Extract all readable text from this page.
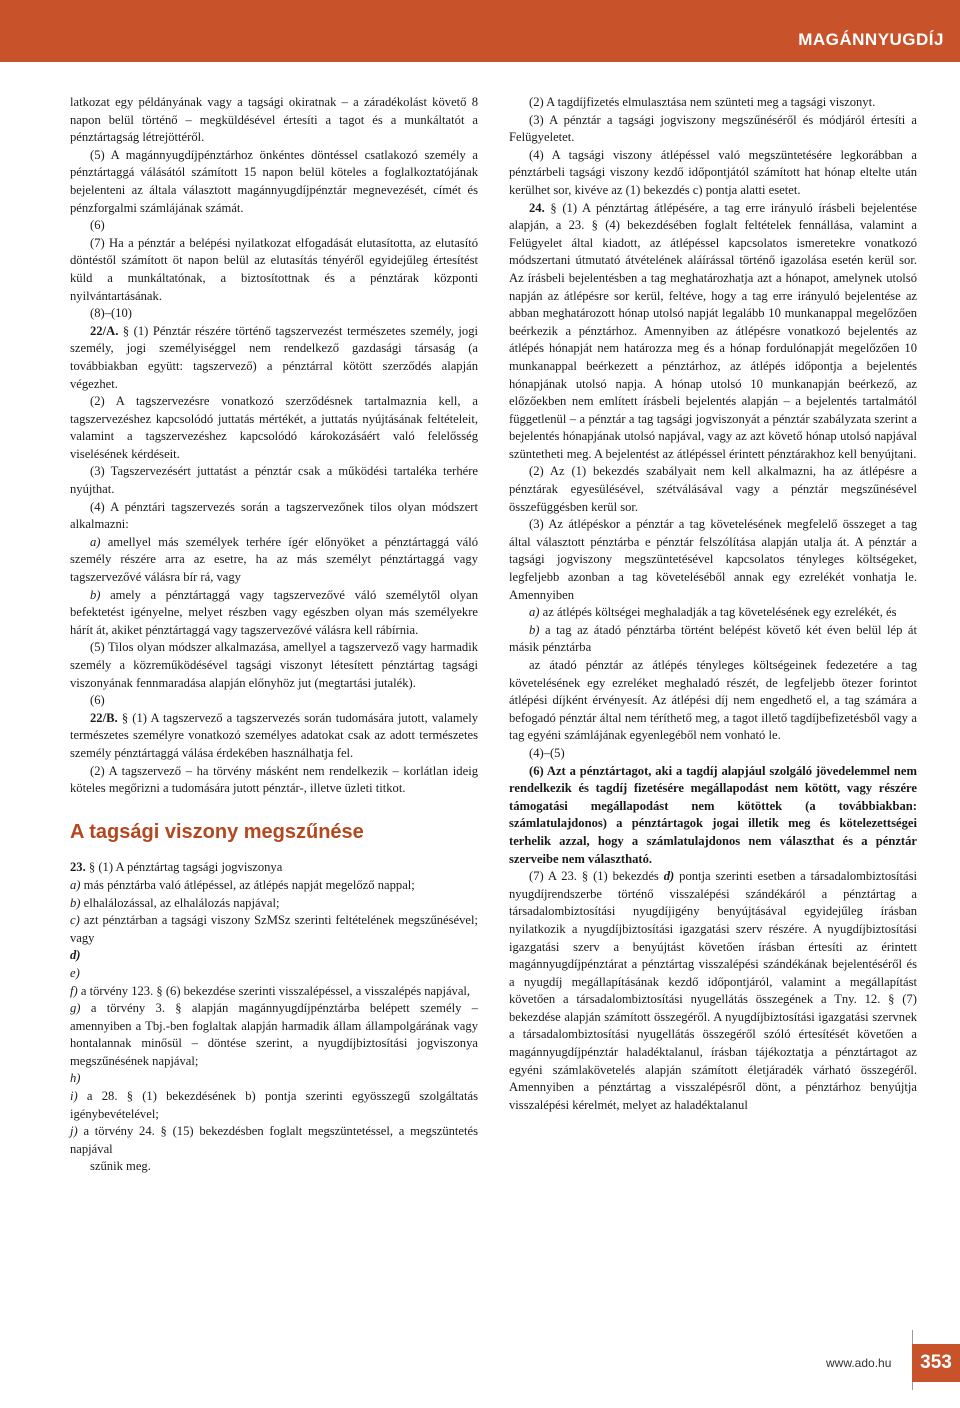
MAGÁNNYUGDÍJ

latkozat egy példányának vagy a tagsági okiratnak – a záradékolást követő 8 napon belül történő – megküldésével értesíti a tagot és a munkáltatót a pénztártagság létrejöttéről.

(5) A magánnyugdíjpénztárhoz önkéntes döntéssel csatlakozó személy a pénztártaggá válásától számított 15 napon belül köteles a foglalkoztatójának bejelenteni az általa választott magánnyugdíjpénztár megnevezését, címét és pénzforgalmi számlájának számát.

(6)

(7) Ha a pénztár a belépési nyilatkozat elfogadását elutasította, az elutasító döntéstől számított öt napon belül az elutasítás tényéről egyidejűleg értesítést küld a munkáltatónak, a biztosítottnak és a pénztárak központi nyilvántartásának.

(8)–(10)

22/A. § (1) Pénztár részére történő tagszervezést természetes személy, jogi személy, jogi személyiséggel nem rendelkező gazdasági társaság (a továbbiakban együtt: tagszervező) a pénztárral kötött szerződés alapján végezhet.

(2) A tagszervezésre vonatkozó szerződésnek tartalmaznia kell, a tagszervezéshez kapcsolódó juttatás mértékét, a juttatás nyújtásának feltételeit, valamint a tagszervezéshez kapcsolódó károkozásáért való felelősség viselésének kérdéseit.

(3) Tagszervezésért juttatást a pénztár csak a működési tartaléka terhére nyújthat.

(4) A pénztári tagszervezés során a tagszervezőnek tilos olyan módszert alkalmazni:

a) amellyel más személyek terhére ígér előnyöket a pénztártaggá váló személy részére arra az esetre, ha az más személyt pénztártaggá vagy tagszervezővé válásra bír rá, vagy

b) amely a pénztártaggá vagy tagszervezővé váló személytől olyan befektetést igényelne, melyet részben vagy egészben olyan más személyekre hárít át, akiket pénztártaggá vagy tagszervezővé válásra kell rábírnia.

(5) Tilos olyan módszer alkalmazása, amellyel a tagszervező vagy harmadik személy a közreműködésével tagsági viszonyt létesített pénztártag tagsági viszonyának fennmaradása alapján előnyhöz jut (megtartási jutalék).

(6)

22/B. § (1) A tagszervező a tagszervezés során tudomására jutott, valamely természetes személyre vonatkozó személyes adatokat csak az adott természetes személy pénztártaggá válása érdekében használhatja fel.

(2) A tagszervező – ha törvény másként nem rendelkezik – korlátlan ideig köteles megőrizni a tudomására jutott pénztár-, illetve üzleti titkot.

A tagsági viszony megszűnése

23. § (1) A pénztártag tagsági jogviszonya

a) más pénztárba való átlépéssel, az átlépés napját megelőző nappal;

b) elhalálozással, az elhalálozás napjával;

c) azt pénztárban a tagsági viszony SzMSz szerinti feltételének megszűnésével; vagy

d)

e)

f) a törvény 123. § (6) bekezdése szerinti visszalépéssel, a visszalépés napjával,

g) a törvény 3. § alapján magánnyugdíjpénztárba belépett személy – amennyiben a Tbj.-ben foglaltak alapján harmadik állam állampolgárának vagy hontalannak minősül – döntése szerint, a nyugdíjbiztosítási jogviszonya megszűnésének napjával;

h)

i) a 28. § (1) bekezdésének b) pontja szerinti egyösszegű szolgáltatás igénybevételével;

j) a törvény 24. § (15) bekezdésben foglalt megszüntetéssel, a megszüntetés napjával

szűnik meg.

(2) A tagdíjfizetés elmulasztása nem szünteti meg a tagsági viszonyt.

(3) A pénztár a tagsági jogviszony megszűnéséről és módjáról értesíti a Felügyeletet.

(4) A tagsági viszony átlépéssel való megszüntetésére legkorábban a pénztárbeli tagsági viszony kezdő időpontjától számított hat hónap eltelte után kerülhet sor, kivéve az (1) bekezdés c) pontja alatti esetet.

24. § (1) A pénztártag átlépésére, a tag erre irányuló írásbeli bejelentése alapján, a 23. § (4) bekezdésében foglalt feltételek fennállása, valamint a Felügyelet által kiadott, az átlépéssel kapcsolatos ismeretekre vonatkozó módszertani útmutató átvételének aláírással történő igazolása esetén kerül sor. Az írásbeli bejelentésben a tag meghatározhatja azt a hónapot, amelynek utolsó napján az átlépésre sor kerül, feltéve, hogy a tag erre irányuló bejelentése az abban meghatározott hónap utolsó napját legalább 10 munkanappal megelőzően beérkezik a pénztárhoz. Amennyiben az átlépésre vonatkozó bejelentés az átlépés hónapját nem határozza meg és a hónap fordulónapját megelőzően 10 munkanappal beérkezett a pénztárhoz, az átlépés időpontja a bejelentés hónapjának utolsó napja. A hónap utolsó 10 munkanapján beérkező, az előzőekben nem említett írásbeli bejelentés alapján – a bejelentés tartalmától függetlenül – a pénztár a tag tagsági jogviszonyát a pénztár szabályzata szerint a bejelentés hónapjának utolsó napjával, vagy az azt követő hónap utolsó napjával szüntetheti meg. A bejelentést az átlépéssel érintett pénztárakhoz kell benyújtani.

(2) Az (1) bekezdés szabályait nem kell alkalmazni, ha az átlépésre a pénztárak egyesülésével, szétválásával vagy a pénztár megszűnésével összefüggésben kerül sor.

(3) Az átlépéskor a pénztár a tag követelésének megfelelő összeget a tag által választott pénztárba e pénztár felszólítása alapján utalja át. A pénztár a tagsági jogviszony megszüntetésével kapcsolatos tényleges költségeket, legfeljebb azonban a tag követeléséből annak egy ezrelékét vonhatja le. Amennyiben

a) az átlépés költségei meghaladják a tag követelésének egy ezrelékét, és

b) a tag az átadó pénztárba történt belépést követő két éven belül lép át másik pénztárba

az átadó pénztár az átlépés tényleges költségeinek fedezetére a tag követelésének egy ezreléket meghaladó részét, de legfeljebb ötezer forintot átlépési díjként érvényesít. Az átlépési díj nem engedhető el, a tag számára a befogadó pénztár által nem téríthető meg, a tagot illető tagdíjbefizetésből vagy a tag egyéni számlájának egyenlegéből nem vonható le.

(4)–(5)

(6) Azt a pénztártagot, aki a tagdíj alapjául szolgáló jövedelemmel nem rendelkezik és tagdíj fizetésére megállapodást nem kötött, vagy részére támogatási megállapodást nem kötöttek (a továbbiakban: számlatulajdonos) a pénztártagok jogai illetik meg és kötelezettségei terhelik azzal, hogy a számlatulajdonos nem választhat és a pénztár szerveibe nem választható.

(7) A 23. § (1) bekezdés d) pontja szerinti esetben a társadalombiztosítási nyugdíjrendszerbe történő visszalépési szándékáról a pénztártag a társadalombiztosítási nyugdíjigény benyújtásával egyidejűleg írásban nyilatkozik a nyugdíjbiztosítási igazgatási szerv részére. A nyugdíjbiztosítási igazgatási szerv a benyújtást követően írásban értesíti az érintett magánnyugdíjpénztárat a pénztártag visszalépési szándékának bejelentéséről és a nyugdíj megállapításának kezdő időpontjáról, valamint a megállapítást követően a társadalombiztosítási nyugellátás összegének a Tny. 12. § (7) bekezdése alapján számított összegéről. A nyugdíjbiztosítási igazgatási szervnek a társadalombiztosítási nyugellátás összegéről szóló értesítését követően a magánnyugdíjpénztár haladéktalanul, írásban tájékoztatja a pénztártagot az egyéni számlakövetelés alapján számított életjáradék várható összegéről. Amennyiben a pénztártag a visszalépésről dönt, a pénztárhoz benyújtja visszalépési kérelmét, melyet az haladéktalanul

www.ado.hu	353
